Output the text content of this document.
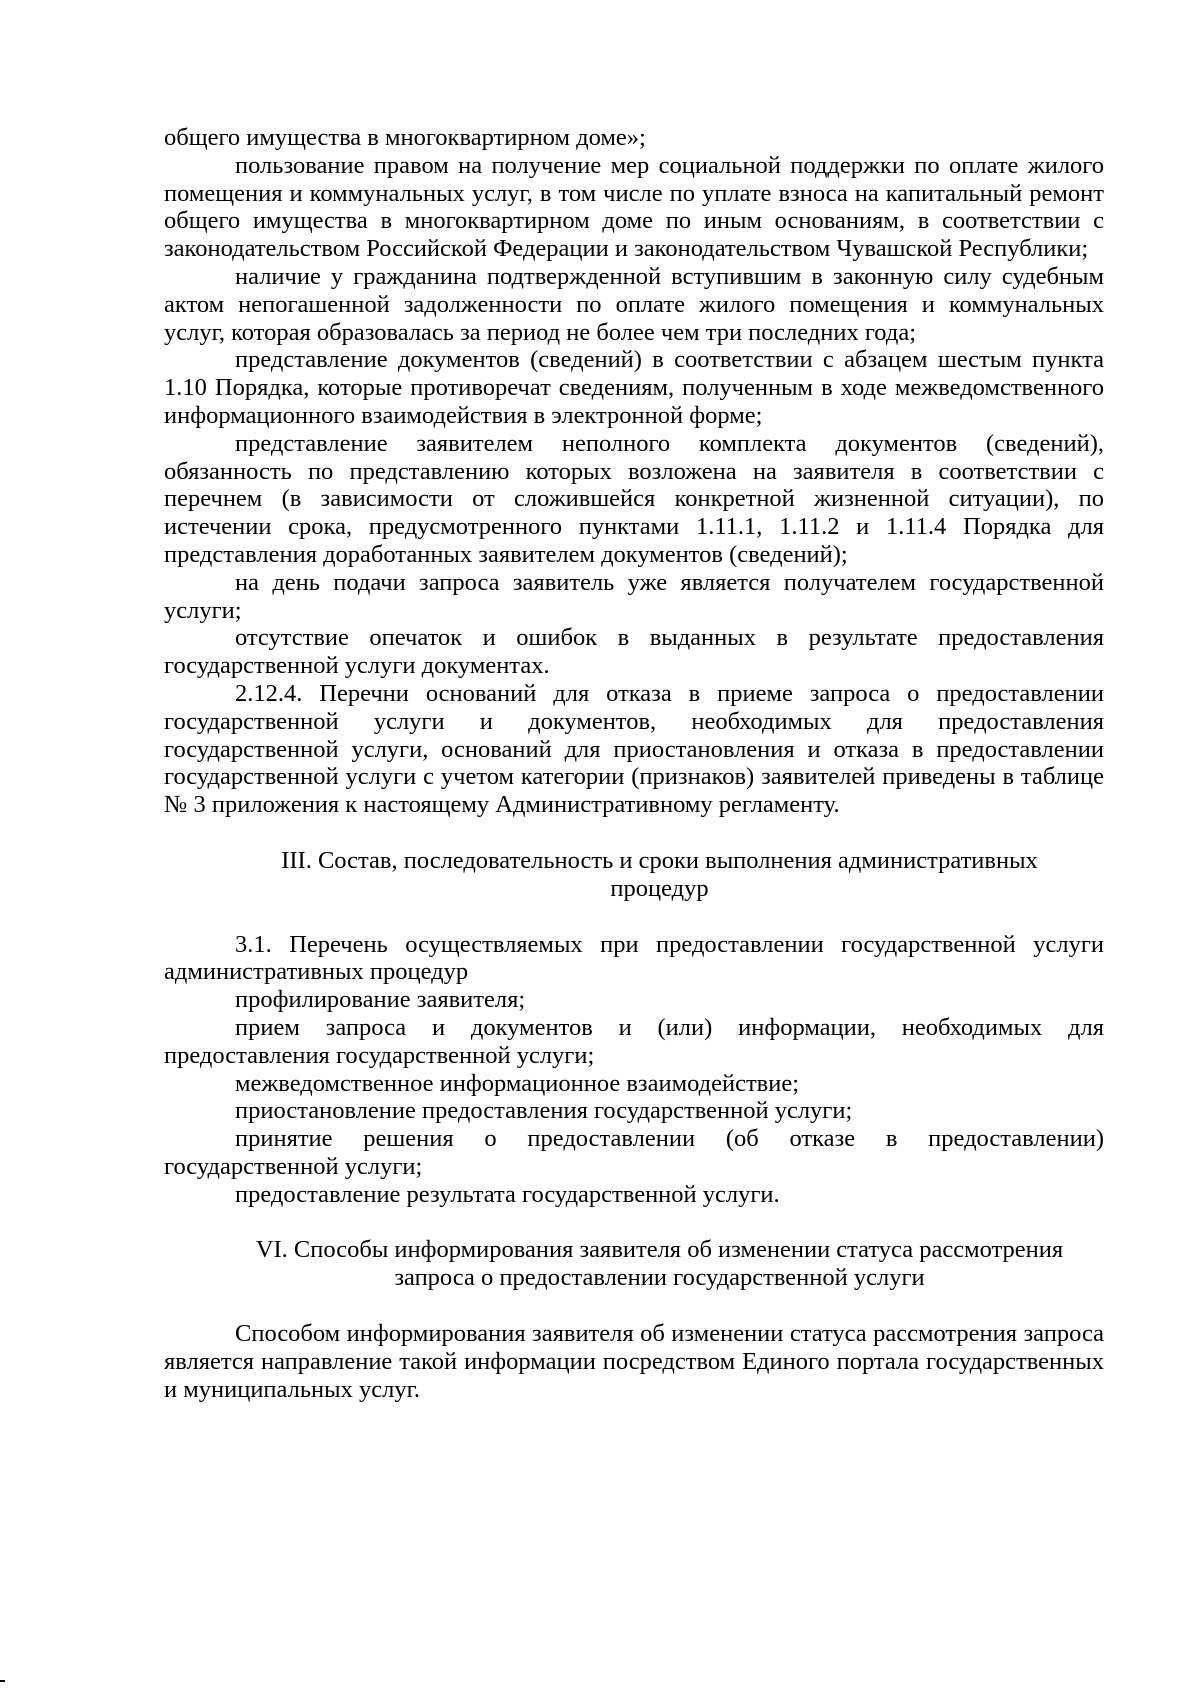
общего имущества в многоквартирном доме»;

пользование правом на получение мер социальной поддержки по оплате жилого помещения и коммунальных услуг, в том числе по уплате взноса на капитальный ремонт общего имущества в многоквартирном доме по иным основаниям, в соответствии с законодательством Российской Федерации и законодательством Чувашской Республики;

наличие у гражданина подтвержденной вступившим в законную силу судебным актом непогашенной задолженности по оплате жилого помещения и коммунальных услуг, которая образовалась за период не более чем три последних года;

представление документов (сведений) в соответствии с абзацем шестым пункта 1.10 Порядка, которые противоречат сведениям, полученным в ходе межведомственного информационного взаимодействия в электронной форме;

представление заявителем неполного комплекта документов (сведений), обязанность по представлению которых возложена на заявителя в соответствии с перечнем (в зависимости от сложившейся конкретной жизненной ситуации), по истечении срока, предусмотренного пунктами 1.11.1, 1.11.2 и 1.11.4 Порядка для представления доработанных заявителем документов (сведений);

на день подачи запроса заявитель уже является получателем государственной услуги;

отсутствие опечаток и ошибок в выданных в результате предоставления государственной услуги документах.

2.12.4. Перечни оснований для отказа в приеме запроса о предоставлении государственной услуги и документов, необходимых для предоставления государственной услуги, оснований для приостановления и отказа в предоставлении государственной услуги с учетом категории (признаков) заявителей приведены в таблице № 3 приложения к настоящему Административному регламенту.

III. Состав, последовательность и сроки выполнения административных процедур

3.1. Перечень осуществляемых при предоставлении государственной услуги административных процедур

профилирование заявителя;

прием запроса и документов и (или) информации, необходимых для предоставления государственной услуги;

межведомственное информационное взаимодействие;

приостановление предоставления государственной услуги;

принятие решения о предоставлении (об отказе в предоставлении) государственной услуги;

предоставление результата государственной услуги.

VI. Способы информирования заявителя об изменении статуса рассмотрения запроса о предоставлении государственной услуги

Способом информирования заявителя об изменении статуса рассмотрения запроса является направление такой информации посредством Единого портала государственных и муниципальных услуг.
